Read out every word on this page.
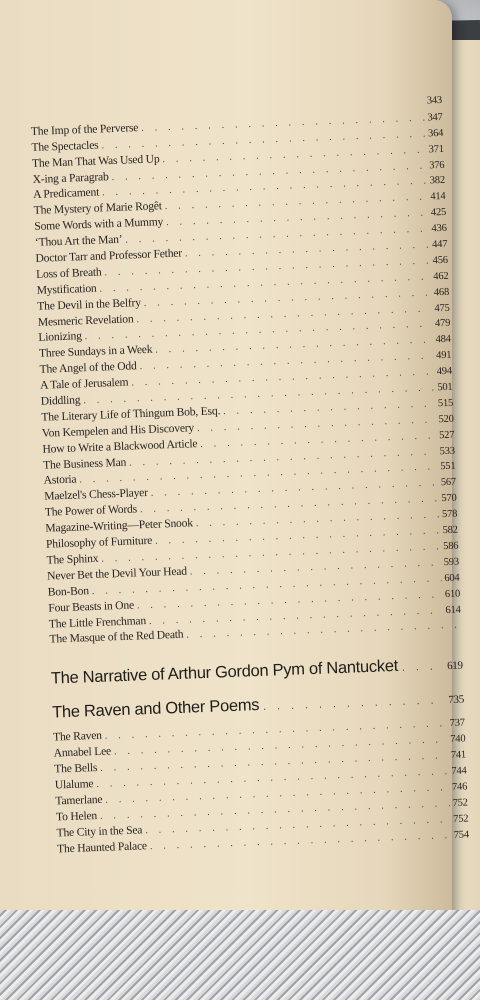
343
The Imp of the Perverse
. . .
347
The Spectacles
. . .
364
The Man That Was Used Up
. . .
371
X-ing a Paragrab
. . .
376
A Predicament
. . .
382
The Mystery of Marie Rogêt
. . .
414
Some Words with a Mummy
. . .
425
‘Thou Art the Man’
. . .
436
Doctor Tarr and Professor Fether
. . .
447
Loss of Breath
. . .
456
Mystification
. . .
462
The Devil in the Belfry
. . .
468
Mesmeric Revelation
. . .
475
Lionizing
. . .
479
Three Sundays in a Week
. . .
484
The Angel of the Odd
. . .
491
A Tale of Jerusalem
. . .
494
Diddling
. . .
501
The Literary Life of Thingum Bob, Esq.
. . .
515
Von Kempelen and His Discovery
. . .
520
How to Write a Blackwood Article
. . .
527
The Business Man
. . .
533
Astoria
. . .
551
Maelzel's Chess-Player
. . .
567
The Power of Words
. . .
570
Magazine-Writing—Peter Snook
. . .
578
Philosophy of Furniture
. . .
582
The Sphinx
. . .
586
Never Bet the Devil Your Head
. . .
593
Bon-Bon
. . .
604
Four Beasts in One
. . .
610
The Little Frenchman
. . .
614
The Masque of the Red Death
. . .
The Narrative of Arthur Gordon Pym of Nantucket . . .	619
The Raven and Other Poems . . .	735
The Raven
. . .
737
Annabel Lee
. . .
740
The Bells
. . .
741
Ulalume
. . .
744
Tamerlane
. . .
746
To Helen
. . .
752
The City in the Sea
. . .
752
The Haunted Palace
. . .
754
